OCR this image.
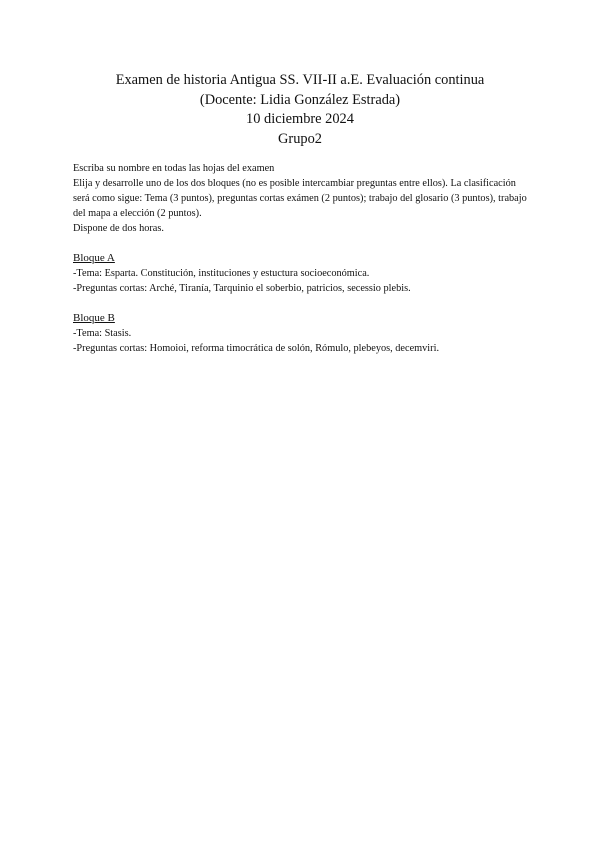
Examen de historia Antigua SS. VII-II a.E. Evaluación continua
(Docente: Lidia González Estrada)
10 diciembre 2024
Grupo2

Escriba su nombre en todas las hojas del examen

Elija y desarrolle uno de los dos bloques (no es posible intercambiar preguntas entre ellos). La clasificación será como sigue: Tema (3 puntos), preguntas cortas exámen (2 puntos); trabajo del glosario (3 puntos), trabajo del mapa a elección (2 puntos).

Dispone de dos horas.

Bloque A

-Tema: Esparta. Constitución, instituciones y estuctura socioeconómica.

-Preguntas cortas: Arché, Tiranía, Tarquinio el soberbio, patricios, secessio plebis.

Bloque B

-Tema: Stasis.

-Preguntas cortas: Homoioi, reforma timocrática de solón, Rómulo, plebeyos, decemviri.
